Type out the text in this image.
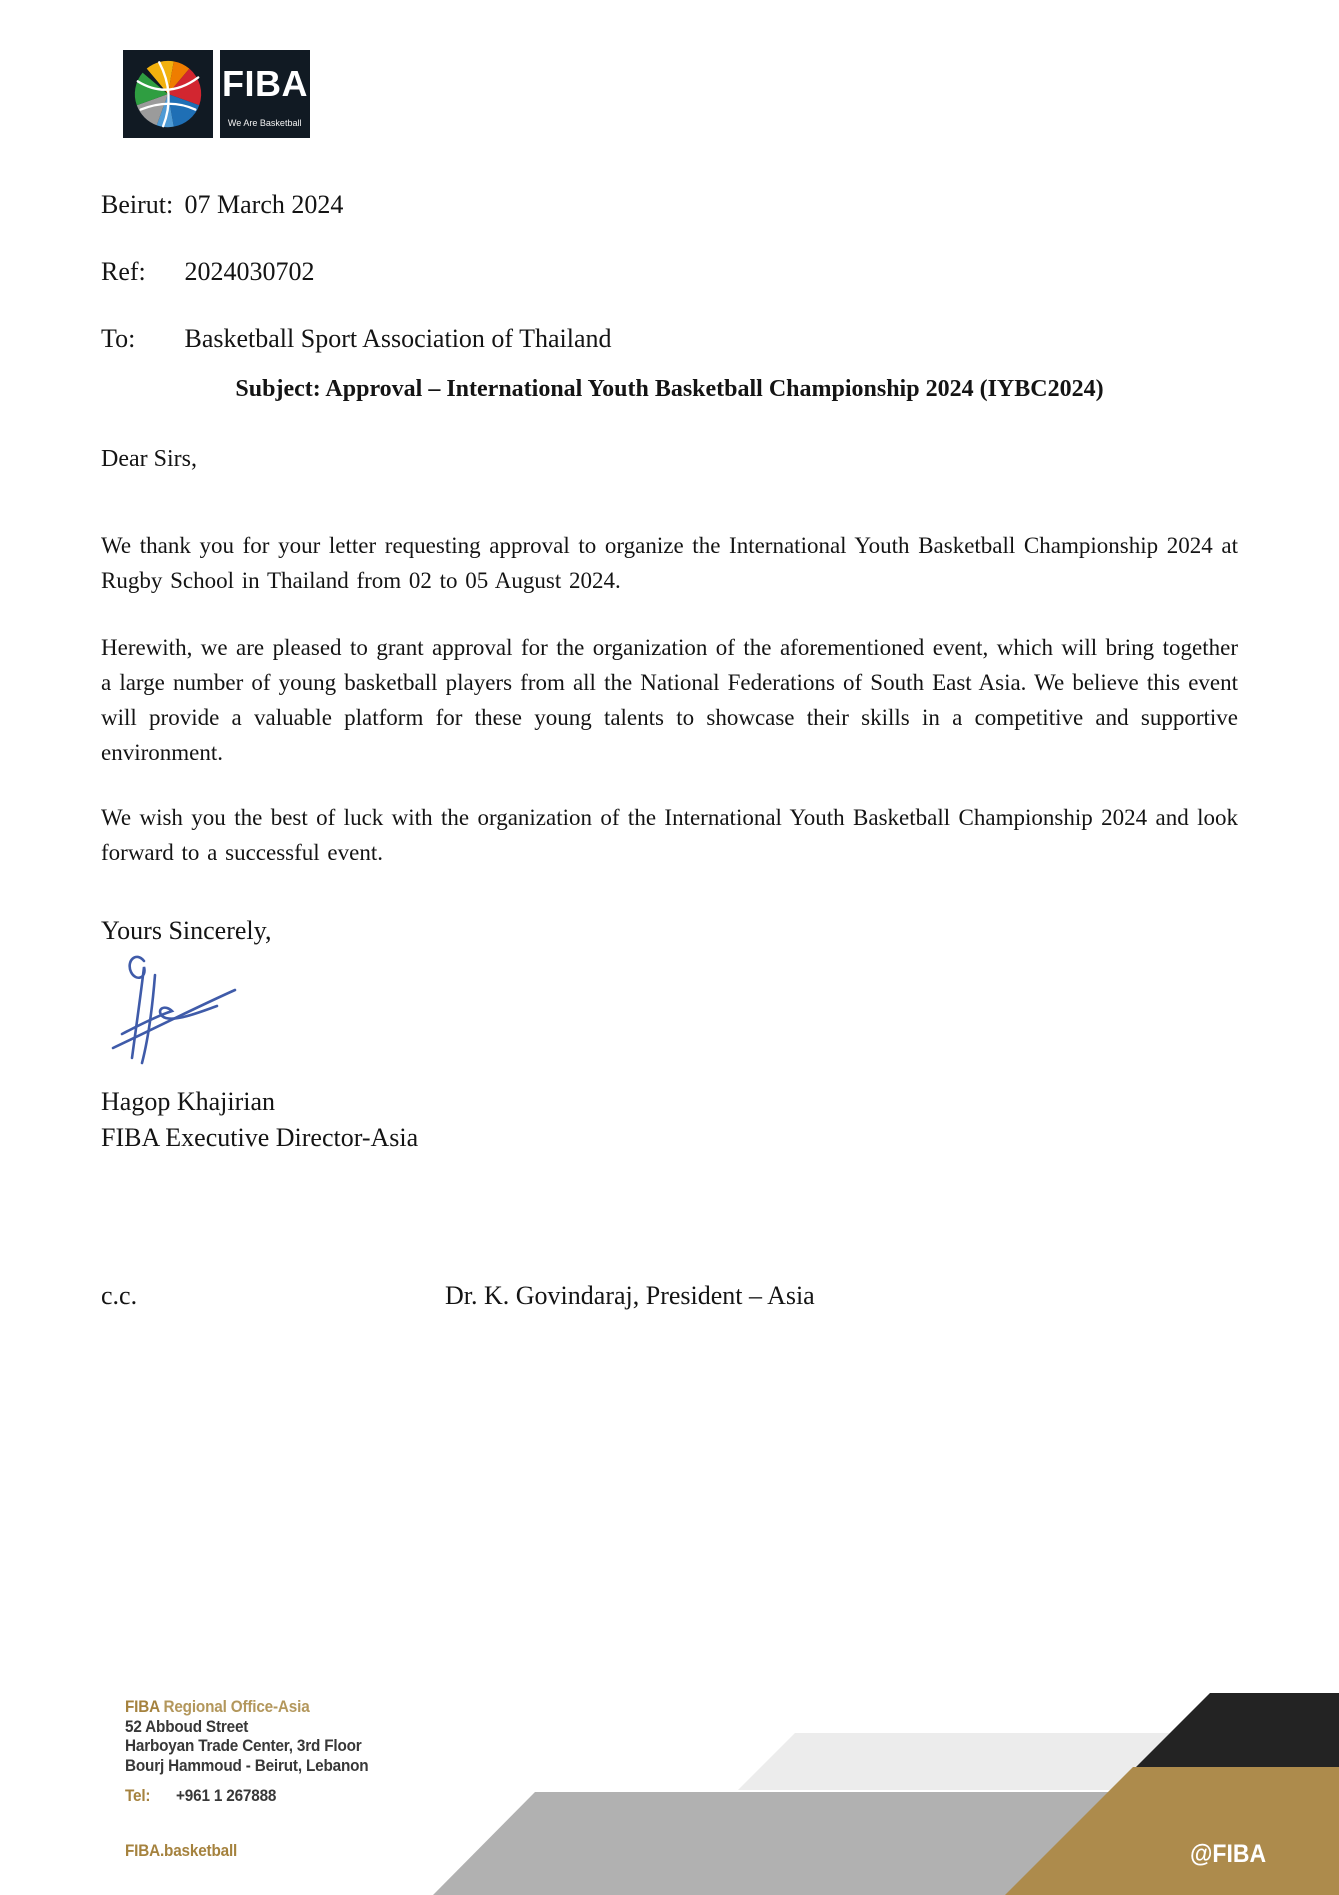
FIBA
We Are Basketball
Beirut: 07 March 2024
Ref: 2024030702
To: Basketball Sport Association of Thailand
Subject: Approval – International Youth Basketball Championship 2024 (IYBC2024)
Dear Sirs,

We thank you for your letter requesting approval to organize the International Youth Basketball Championship 2024 at Rugby School in Thailand from 02 to 05 August 2024.

Herewith, we are pleased to grant approval for the organization of the aforementioned event, which will bring together a large number of young basketball players from all the National Federations of South East Asia. We believe this event will provide a valuable platform for these young talents to showcase their skills in a competitive and supportive environment.

We wish you the best of luck with the organization of the International Youth Basketball Championship 2024 and look forward to a successful event.

Yours Sincerely,
Hagop Khajirian
FIBA Executive Director-Asia
c.c.	Dr. K. Govindaraj, President – Asia
FIBA Regional Office-Asia
52 Abboud Street
Harboyan Trade Center, 3rd Floor
Bourj Hammoud - Beirut, Lebanon
Tel: +961 1 267888
FIBA.basketball	@FIBA
